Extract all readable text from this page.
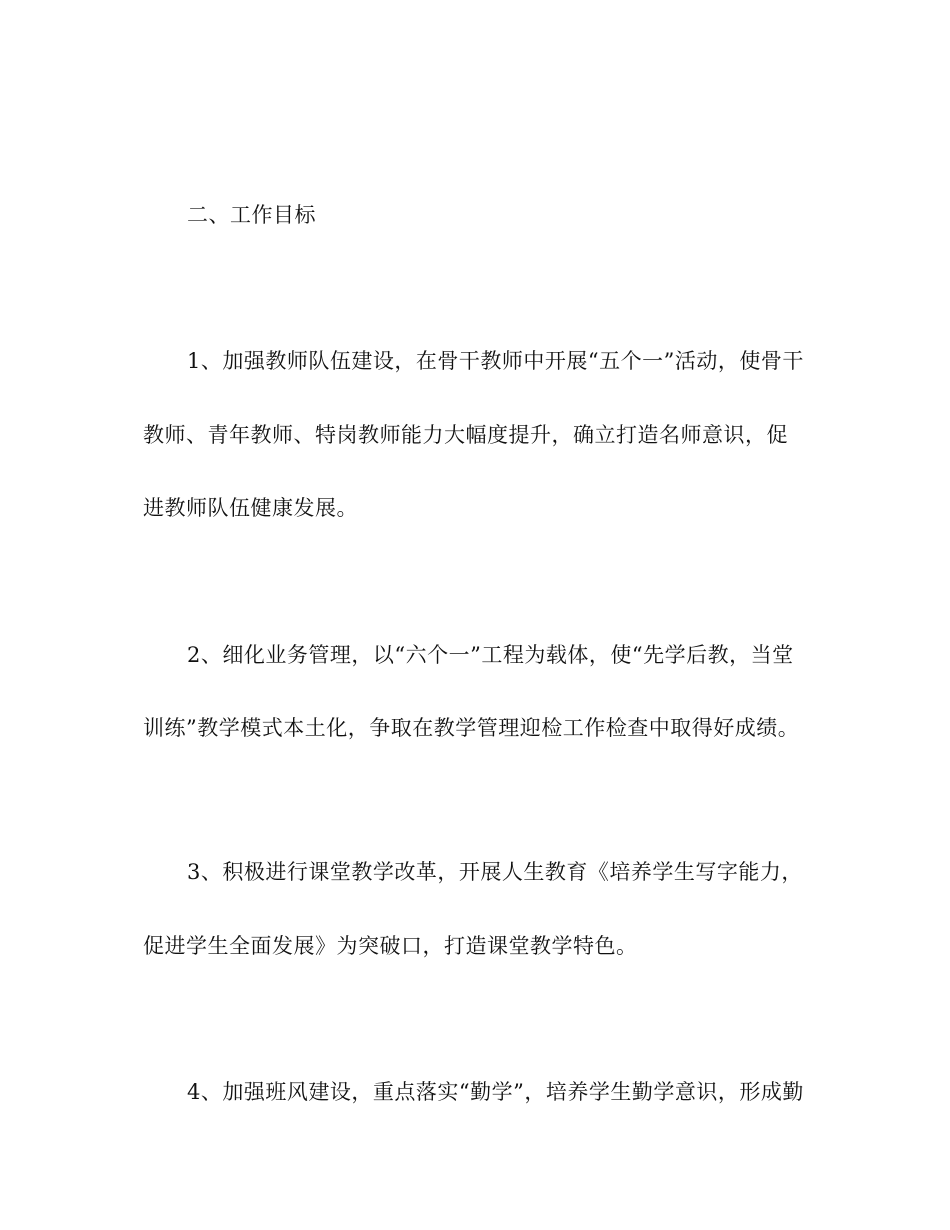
二、工作目标
1、加强教师队伍建设，在骨干教师中开展“五个一”活动，使骨干
教师、青年教师、特岗教师能力大幅度提升，确立打造名师意识，促
进教师队伍健康发展。
2、细化业务管理，以“六个一”工程为载体，使“先学后教，当堂
训练”教学模式本土化，争取在教学管理迎检工作检查中取得好成绩。
3、积极进行课堂教学改革，开展人生教育《培养学生写字能力，
促进学生全面发展》为突破口，打造课堂教学特色。
4、加强班风建设，重点落实“勤学”，培养学生勤学意识，形成勤
